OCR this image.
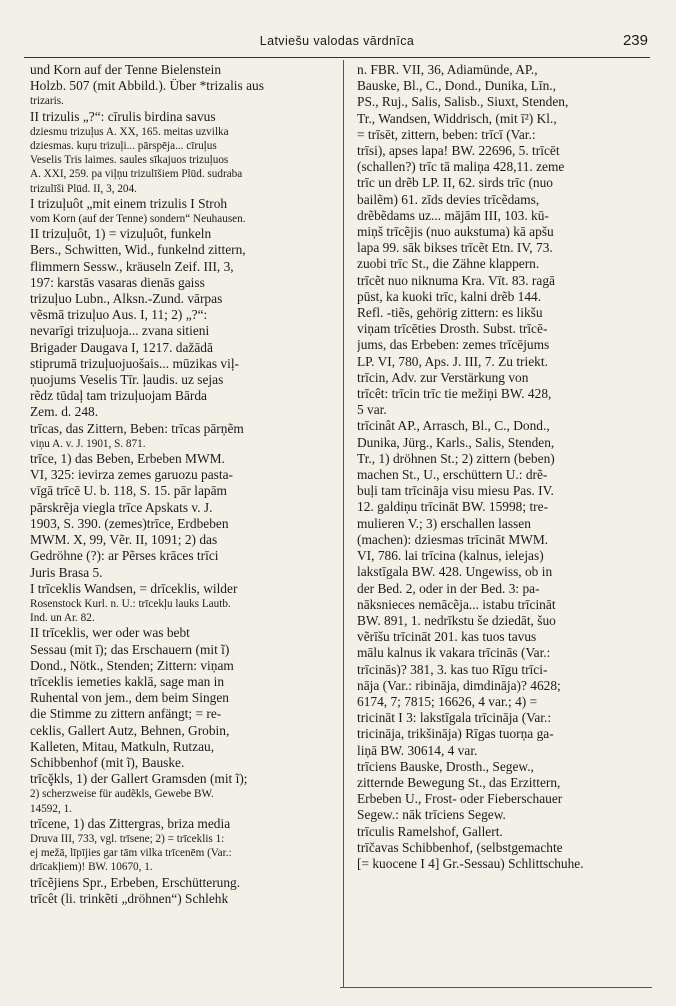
Latviešu valodas vārdnīca	239
und Korn auf der Tenne Bielenstein
Holzb. 507 (mit Abbild.). Über *trizalis aus
trizaris.
II trizulis „?“: cīrulis birdina savus
dziesmu trizuļus A. XX, 165. meitas uzvilka
dziesmas. kuŗu trizuļi... pārspēja... cīruļus
Veselis Tris laimes. saules sīkajuos trizuļuos
A. XXI, 259. pa viļņu trizulīšiem Plūd. sudraba
trizulīši Plūd. II, 3, 204.
I trizuļuôt „mit einem trizulis I Stroh
vom Korn (auf der Tenne) sondern“ Neuhausen.
II trizuļuôt, 1) = vizuļuôt, funkeln
Bers., Schwitten, Wid., funkelnd zittern,
flimmern Sessw., kräuseln Zeif. III, 3,
197: karstās vasaras dienās gaiss
trizuļuo Lubn., Alksn.-Zund. vārpas
vẽsmā trizuļuo Aus. I, 11; 2) „?“:
nevarīgi trizuļuoja... zvana sitieni
Brigader Daugava I, 1217. dažādā
stiprumā trizuļuojuošais... mūzikas viļ-
ņuojums Veselis Tīr. ļaudis. uz sejas
rẽdz tūdaļ tam trizuļuojam Bārda
Zem. d. 248.
trīcas, das Zittern, Beben: trīcas pārņẽm
viņu A. v. J. 1901, S. 871.
trīce, 1) das Beben, Erbeben MWM.
VI, 325: ievirza zemes garuozu pasta-
vīgā trīcē U. b. 118, S. 15. pār lapām
pārskrẽja viegla trīce Apskats v. J.
1903, S. 390. (zemes)trīce, Erdbeben
MWM. X, 99, Vẽr. II, 1091; 2) das
Gedröhne (?): ar Pẽrses krāces trīci
Juris Brasa 5.
I trīceklis Wandsen, = drīceklis, wilder
Rosenstock Kurl. n. U.: trīcekļu lauks Lautb.
Ind. un Ar. 82.
II trīceklis, wer oder was bebt
Sessau (mit ī); das Erschauern (mit ĩ)
Dond., Nötk., Stenden; Zittern: viņam
trīceklis iemeties kaklā, sage man in
Ruhental von jem., dem beim Singen
die Stimme zu zittern anfängt; = re-
ceklis, Gallert Autz, Behnen, Grobin,
Kalleten, Mitau, Matkuln, Rutzau,
Schibbenhof (mit ĩ), Bauske.
trīcḝkls, 1) der Gallert Gramsden (mit ĩ);
2) scherzweise für audẽkls, Gewebe BW.
14592, 1.
trīcene, 1) das Zittergras, briza media
Druva III, 733, vgl. trīsene; 2) = trīceklis 1:
ej mežā, līpījies gar tām vilka trīcenēm (Var.:
drīcakļiem)! BW. 10670, 1.
trīcẽjiens Spr., Erbeben, Erschütterung.
trīcêt (li. trinkẽti „dröhnen“) Schlehk
n. FBR. VII, 36, Adiamünde, AP.,
Bauske, Bl., C., Dond., Dunika, Līn.,
PS., Ruj., Salis, Salisb., Siuxt, Stenden,
Tr., Wandsen, Widdrisch, (mit ī²) Kl.,
= trīsēt, zittern, beben: trīcī (Var.:
trīsi), apses lapa! BW. 22696, 5. trīcēt
(schallen?) trīc tā maliņa 428,11. zeme
trīc un drẽb LP. II, 62. sirds trīc (nuo
bailẽm) 61. zīds devies trīcẽdams,
drẽbẽdams uz... mājām III, 103. kū-
miņš trīcẽjis (nuo aukstuma) kā apšu
lapa 99. sāk bikses trīcẽt Etn. IV, 73.
zuobi trīc St., die Zähne klappern.
trīcẽt nuo niknuma Kra. Vīt. 83. ragā
pūst, ka kuoki trīc, kalni drẽb 144.
Refl. -tiẽs, gehörig zittern: es likšu
viņam trīcēties Drosth. Subst. trīcē-
jums, das Erbeben: zemes trīcējums
LP. VI, 780, Aps. J. III, 7. Zu triekt.
trīcin, Adv. zur Verstärkung von
trīcêt: trīcin trīc tie mežiņi BW. 428,
5 var.
trīcinât AP., Arrasch, Bl., C., Dond.,
Dunika, Jürg., Karls., Salis, Stenden,
Tr., 1) dröhnen St.; 2) zittern (beben)
machen St., U., erschüttern U.: drẽ-
buļi tam trīcināja visu miesu Pas. IV.
12. galdiņu trīcināt BW. 15998; tre-
mulieren V.; 3) erschallen lassen
(machen): dziesmas trīcināt MWM.
VI, 786. lai trīcina (kalnus, ielejas)
lakstīgala BW. 428. Ungewiss, ob in
der Bed. 2, oder in der Bed. 3: pa-
nāksnieces nemācẽja... istabu trīcināt
BW. 891, 1. nedrīkstu še dziedāt, šuo
vẽrīšu trīcināt 201. kas tuos tavus
mālu kalnus ik vakara trīcinās (Var.:
trīcinās)? 381, 3. kas tuo Rīgu trīci-
nāja (Var.: ribināja, dimdināja)? 4628;
6174, 7; 7815; 16626, 4 var.; 4) =
tricināt I 3: lakstīgala trīcināja (Var.:
tricināja, trikšināja) Rīgas tuorņa ga-
liņā BW. 30614, 4 var.
trīciens Bauske, Drosth., Segew.,
zitternde Bewegung St., das Erzittern,
Erbeben U., Frost- oder Fieberschauer
Segew.: nāk trīciens Segew.
trīculis Ramelshof, Gallert.
trīčavas Schibbenhof, (selbstgemachte
[= kuocene I 4] Gr.-Sessau) Schlittschuhe.
